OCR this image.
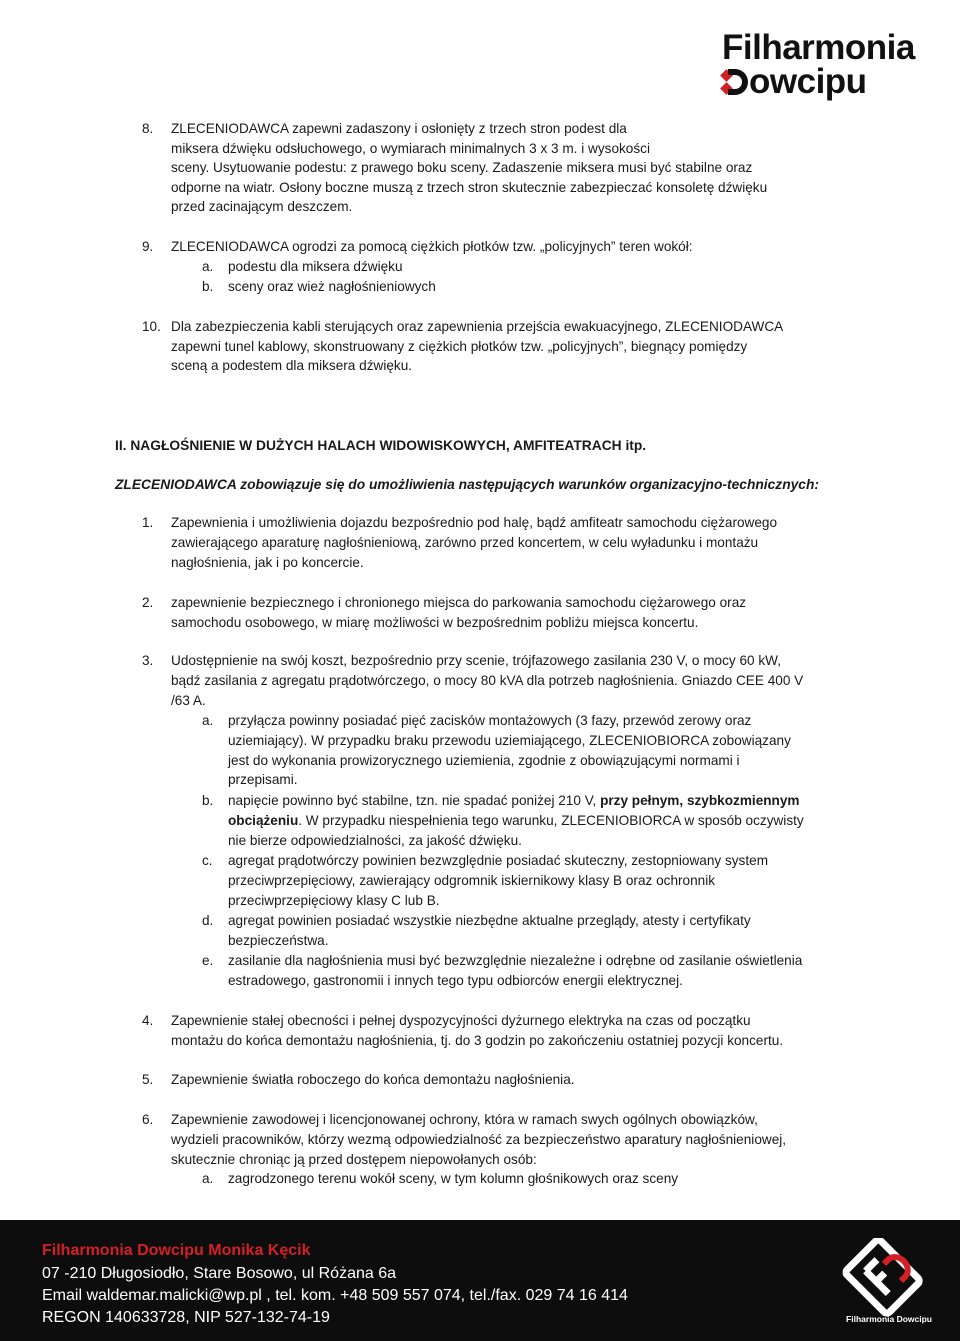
Filharmonia
owcipu
8. ZLECENIODAWCA zapewni zadaszony i osłonięty z trzech stron podest dla
miksera dźwięku odsłuchowego, o wymiarach minimalnych 3 x 3 m. i wysokości
sceny. Usytuowanie podestu: z prawego boku sceny. Zadaszenie miksera musi być stabilne oraz
odporne na wiatr. Osłony boczne muszą z trzech stron skutecznie zabezpieczać konsoletę dźwięku
przed zacinającym deszczem.
9. ZLECENIODAWCA ogrodzi za pomocą ciężkich płotków tzw. „policyjnych” teren wokół:
a. podestu dla miksera dźwięku
b. sceny oraz wież nagłośnieniowych
10. Dla zabezpieczenia kabli sterujących oraz zapewnienia przejścia ewakuacyjnego, ZLECENIODAWCA
zapewni tunel kablowy, skonstruowany z ciężkich płotków tzw. „policyjnych”, biegnący pomiędzy
sceną a podestem dla miksera dźwięku.
II. NAGŁOŚNIENIE W DUŻYCH HALACH WIDOWISKOWYCH, AMFITEATRACH itp.
ZLECENIODAWCA zobowiązuje się do umożliwienia następujących warunków organizacyjno-technicznych:
1. Zapewnienia i umożliwienia dojazdu bezpośrednio pod halę, bądź amfiteatr samochodu ciężarowego
zawierającego aparaturę nagłośnieniową, zarówno przed koncertem, w celu wyładunku i montażu
nagłośnienia, jak i po koncercie.
2. zapewnienie bezpiecznego i chronionego miejsca do parkowania samochodu ciężarowego oraz
samochodu osobowego, w miarę możliwości w bezpośrednim pobliżu miejsca koncertu.
3. Udostępnienie na swój koszt, bezpośrednio przy scenie, trójfazowego zasilania 230 V, o mocy 60 kW,
bądź zasilania z agregatu prądotwórczego, o mocy 80 kVA dla potrzeb nagłośnienia. Gniazdo CEE 400 V
/63 A.
a. przyłącza powinny posiadać pięć zacisków montażowych (3 fazy, przewód zerowy oraz
uziemiający). W przypadku braku przewodu uziemiającego, ZLECENIOBIORCA zobowiązany
jest do wykonania prowizorycznego uziemienia, zgodnie z obowiązującymi normami i
przepisami.
b. napięcie powinno być stabilne, tzn. nie spadać poniżej 210 V, przy pełnym, szybkozmiennym
obciążeniu. W przypadku niespełnienia tego warunku, ZLECENIOBIORCA w sposób oczywisty
nie bierze odpowiedzialności, za jakość dźwięku.
c. agregat prądotwórczy powinien bezwzględnie posiadać skuteczny, zestopniowany system
przeciwprzepięciowy, zawierający odgromnik iskiernikowy klasy B oraz ochronnik
przeciwprzepięciowy klasy C lub B.
d. agregat powinien posiadać wszystkie niezbędne aktualne przeglądy, atesty i certyfikaty
bezpieczeństwa.
e. zasilanie dla nagłośnienia musi być bezwzględnie niezależne i odrębne od zasilanie oświetlenia
estradowego, gastronomii i innych tego typu odbiorców energii elektrycznej.
4. Zapewnienie stałej obecności i pełnej dyspozycyjności dyżurnego elektryka na czas od początku
montażu do końca demontażu nagłośnienia, tj. do 3 godzin po zakończeniu ostatniej pozycji koncertu.
5. Zapewnienie światła roboczego do końca demontażu nagłośnienia.
6. Zapewnienie zawodowej i licencjonowanej ochrony, która w ramach swych ogólnych obowiązków,
wydzieli pracowników, którzy wezmą odpowiedzialność za bezpieczeństwo aparatury nagłośnieniowej,
skutecznie chroniąc ją przed dostępem niepowołanych osób:
a. zagrodzonego terenu wokół sceny, w tym kolumn głośnikowych oraz sceny
Filharmonia Dowcipu Monika Kęcik
07 -210 Długosiodło, Stare Bosowo, ul Różana 6a
Email waldemar.malicki@wp.pl , tel. kom. +48 509 557 074, tel./fax. 029 74 16 414
REGON 140633728, NIP 527-132-74-19	Filharmonia Dowcipu
